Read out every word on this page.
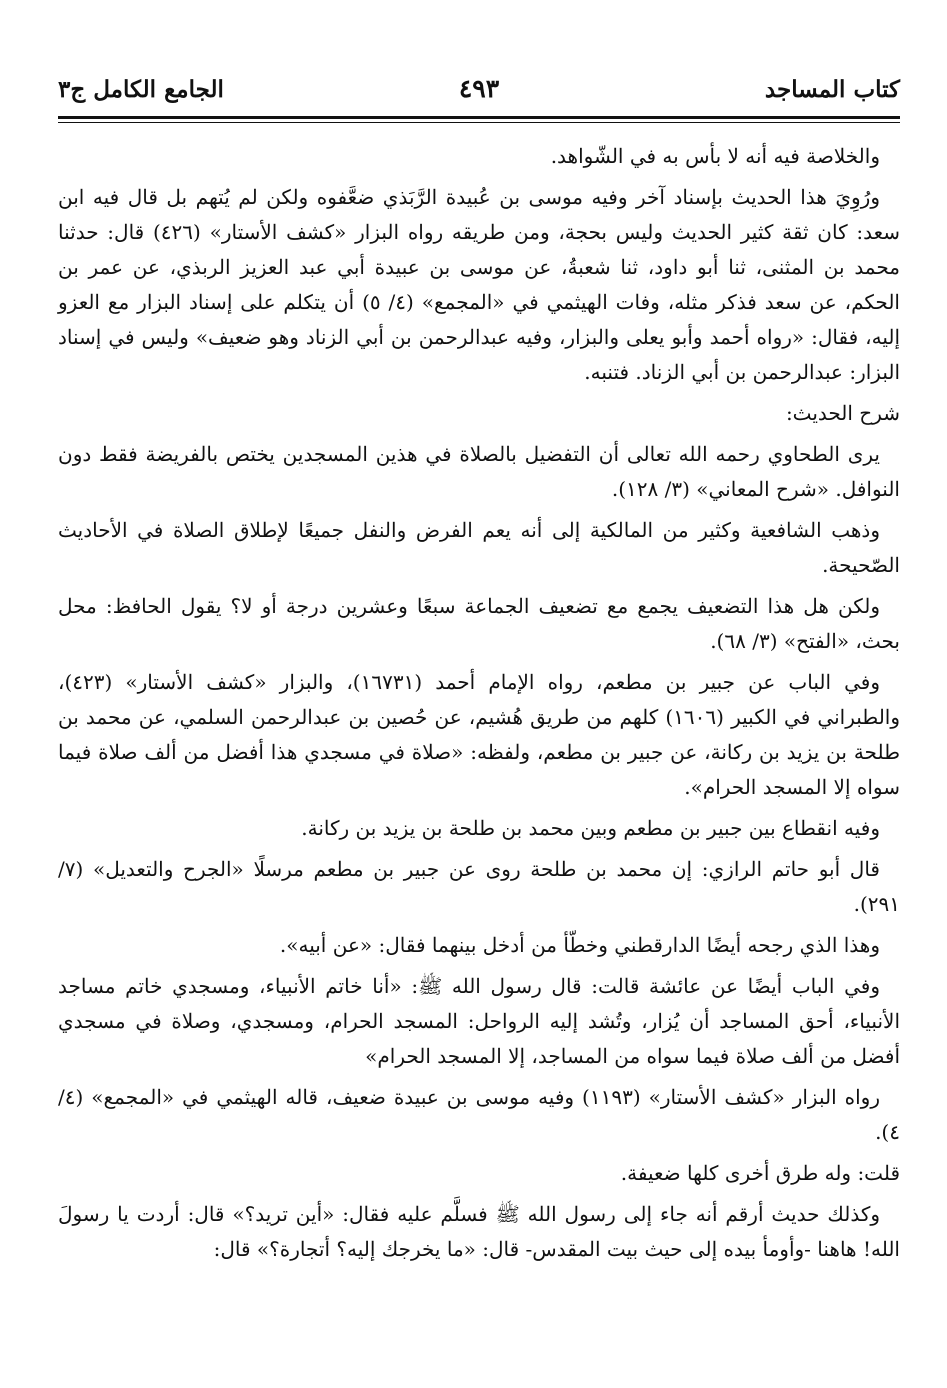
كتاب المساجد
٤٩٣
الجامع الكامل ج٣

والخلاصة فيه أنه لا بأس به في الشّواهد.

ورُوِيَ هذا الحديث بإسناد آخر وفيه موسى بن عُبيدة الرَّبَذي ضعَّفوه ولكن لم يُتهم بل قال فيه ابن سعد: كان ثقة كثير الحديث وليس بحجة، ومن طريقه رواه البزار «كشف الأستار» (٤٢٦) قال: حدثنا محمد بن المثنى، ثنا أبو داود، ثنا شعبةُ، عن موسى بن عبيدة أبي عبد العزيز الربذي، عن عمر بن الحكم، عن سعد فذكر مثله، وفات الهيثمي في «المجمع» (٤/ ٥) أن يتكلم على إسناد البزار مع العزو إليه، فقال: «رواه أحمد وأبو يعلى والبزار، وفيه عبدالرحمن بن أبي الزناد وهو ضعيف» وليس في إسناد البزار: عبدالرحمن بن أبي الزناد. فتنبه.

شرح الحديث:

يرى الطحاوي رحمه الله تعالى أن التفضيل بالصلاة في هذين المسجدين يختص بالفريضة فقط دون النوافل. «شرح المعاني» (٣/ ١٢٨).

وذهب الشافعية وكثير من المالكية إلى أنه يعم الفرض والنفل جميعًا لإطلاق الصلاة في الأحاديث الصّحيحة.

ولكن هل هذا التضعيف يجمع مع تضعيف الجماعة سبعًا وعشرين درجة أو لا؟ يقول الحافظ: محل بحث، «الفتح» (٣/ ٦٨).

وفي الباب عن جبير بن مطعم، رواه الإمام أحمد (١٦٧٣١)، والبزار «كشف الأستار» (٤٢٣)، والطبراني في الكبير (١٦٠٦) كلهم من طريق هُشيم، عن حُصين بن عبدالرحمن السلمي، عن محمد بن طلحة بن يزيد بن ركانة، عن جبير بن مطعم، ولفظه: «صلاة في مسجدي هذا أفضل من ألف صلاة فيما سواه إلا المسجد الحرام».

وفيه انقطاع بين جبير بن مطعم وبين محمد بن طلحة بن يزيد بن ركانة.

قال أبو حاتم الرازي: إن محمد بن طلحة روى عن جبير بن مطعم مرسلًا «الجرح والتعديل» (٧/ ٢٩١).

وهذا الذي رجحه أيضًا الدارقطني وخطّأ من أدخل بينهما فقال: «عن أبيه».

وفي الباب أيضًا عن عائشة قالت: قال رسول الله ﷺ: «أنا خاتم الأنبياء، ومسجدي خاتم مساجد الأنبياء، أحق المساجد أن يُزار، وتُشد إليه الرواحل: المسجد الحرام، ومسجدي، وصلاة في مسجدي أفضل من ألف صلاة فيما سواه من المساجد، إلا المسجد الحرام»

رواه البزار «كشف الأستار» (١١٩٣) وفيه موسى بن عبيدة ضعيف، قاله الهيثمي في «المجمع» (٤/ ٤).

قلت: وله طرق أخرى كلها ضعيفة.

وكذلك حديث أرقم أنه جاء إلى رسول الله ﷺ فسلَّم عليه فقال: «أين تريد؟» قال: أردت يا رسولَ الله! هاهنا -وأومأ بيده إلى حيث بيت المقدس- قال: «ما يخرجك إليه؟ أتجارة؟» قال:
